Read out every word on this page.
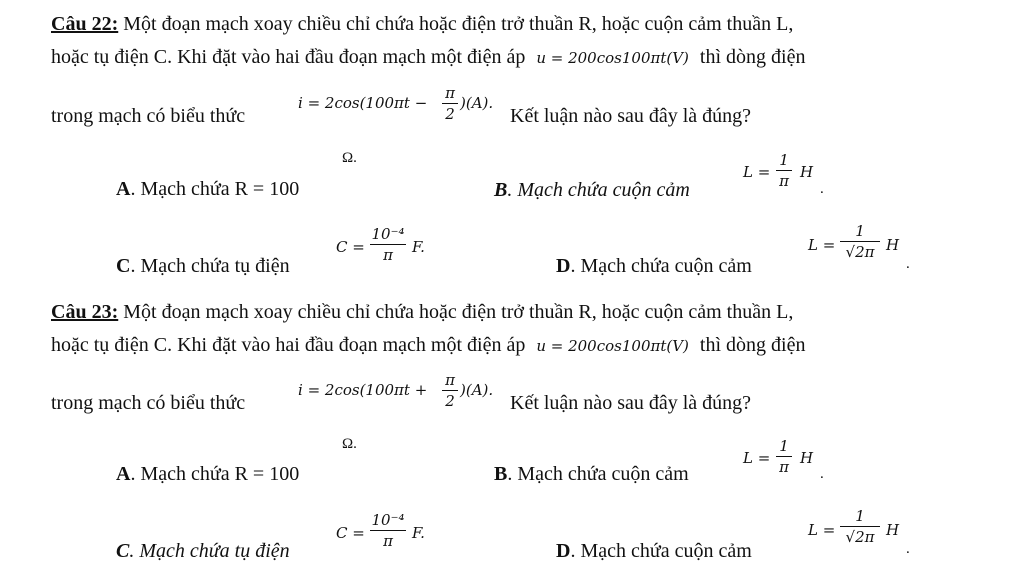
Câu 22: Một đoạn mạch xoay chiều chỉ chứa hoặc điện trở thuần R, hoặc cuộn cảm thuần L,
hoặc tụ điện C. Khi đặt vào hai đầu đoạn mạch một điện áp u = 200cos100πt(V) thì dòng điện
trong mạch có biểu thức
i = 2cos(100πt −
π
2
)(A).
Kết luận nào sau đây là đúng?
Ω.
A. Mạch chứa R = 100	B. Mạch chứa cuộn cảm
L =
1
π H
.
C. Mạch chứa tụ điện
C =
10⁻⁴
π	F.
D. Mạch chứa cuộn cảm
L =
1
√2π H
.
Câu 23: Một đoạn mạch xoay chiều chỉ chứa hoặc điện trở thuần R, hoặc cuộn cảm thuần L,
hoặc tụ điện C. Khi đặt vào hai đầu đoạn mạch một điện áp u = 200cos100πt(V) thì dòng điện
trong mạch có biểu thức
i = 2cos(100πt +
π
2
)(A).
Kết luận nào sau đây là đúng?
Ω.
A. Mạch chứa R = 100	B. Mạch chứa cuộn cảm
L =
1
π H
.
C. Mạch chứa tụ điện
C =
10⁻⁴
π	F.
D. Mạch chứa cuộn cảm
L =
1
√2π H
.
